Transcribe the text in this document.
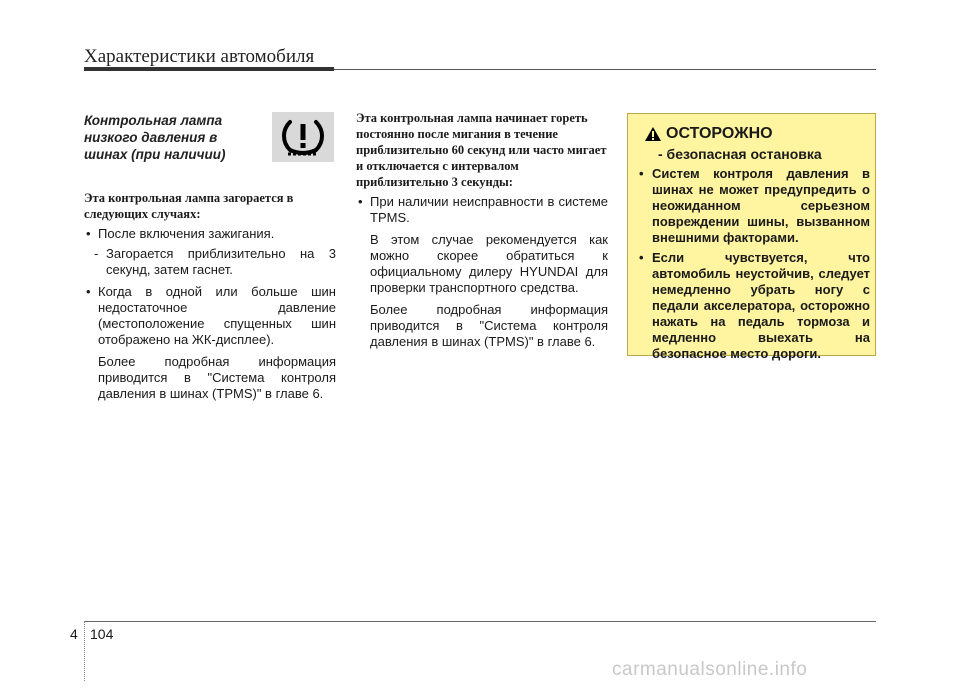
Характеристики автомобиля
Контрольная лампа низкого давления в шинах (при наличии)
Эта контрольная лампа загорается в следующих случаях:
• После включения зажигания.
- Загорается приблизительно на 3 секунд, затем гаснет.
• Когда в одной или больше шин недостаточное давление (местоположение спущенных шин отображено на ЖК-дисплее).
Более подробная информация приводится в "Система контроля давления в шинах (TPMS)" в главе 6.
Эта контрольная лампа начинает гореть постоянно после мигания в течение приблизительно 60 секунд или часто мигает и отключается с интервалом приблизительно 3 секунды:
• При наличии неисправности в системе TPMS.
В этом случае рекомендуется как можно скорее обратиться к официальному дилеру HYUNDAI для проверки транспортного средства.
Более подробная информация приводится в "Система контроля давления в шинах (TPMS)" в главе 6.
ОСТОРОЖНО
- безопасная остановка
• Систем контроля давления в шинах не может предупредить о неожиданном серьезном повреждении шины, вызванном внешними факторами.
• Если чувствуется, что автомобиль неустойчив, следует немедленно убрать ногу с педали акселератора, осторожно нажать на педаль тормоза и медленно выехать на безопасное место дороги.
4 104
carmanualsonline.info
